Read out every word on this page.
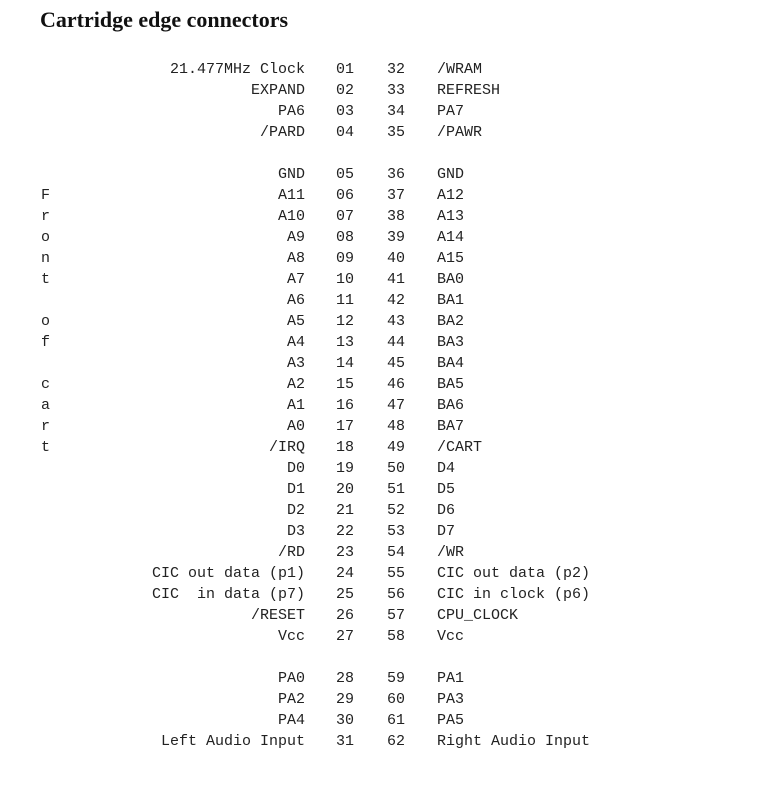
Cartridge edge connectors
21.477MHz Clock 01 32 /WRAM
EXPAND 02 33 REFRESH
PA6 03 34 PA7
/PARD 04 35 /PAWR
GND 05 36 GND
F	A11 06 37 A12
r	A10 07 38 A13
o	A9 08 39 A14
n	A8 09 40 A15
t	A7 10 41 BA0
A6 11 42 BA1
o	A5 12 43 BA2
f	A4 13 44 BA3
A3 14 45 BA4
c	A2 15 46 BA5
a	A1 16 47 BA6
r	A0 17 48 BA7
t	/IRQ 18 49 /CART
D0 19 50 D4
D1 20 51 D5
D2 21 52 D6
D3 22 53 D7
/RD 23 54 /WR
CIC out data (p1) 24 55 CIC out data (p2)
CIC  in data (p7) 25 56 CIC in clock (p6)
/RESET 26 57 CPU_CLOCK
Vcc 27 58 Vcc
PA0 28 59 PA1
PA2 29 60 PA3
PA4 30 61 PA5
Left Audio Input 31 62 Right Audio Input
